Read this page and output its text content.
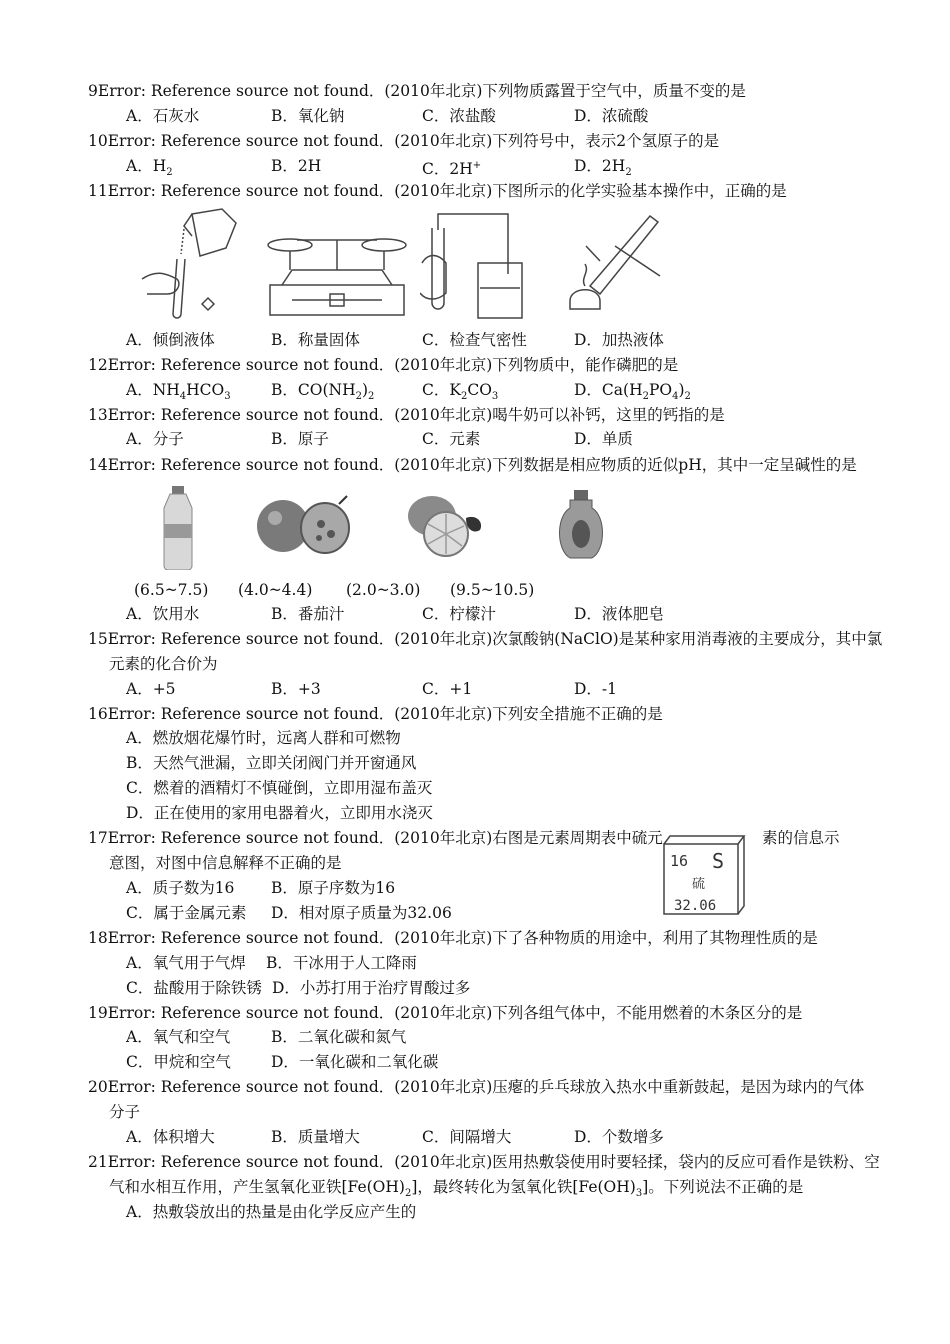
9Error: Reference source not found．(2010年北京)下列物质露置于空气中，质量不变的是
A．石灰水	B．氧化钠	C．浓盐酸	D．浓硫酸
10Error: Reference source not found．(2010年北京)下列符号中，表示2个氢原子的是
A．$H_2$	B．2H	C．2H+	D．$2H_2$
11Error: Reference source not found．(2010年北京)下图所示的化学实验基本操作中，正确的是
A．倾倒液体	B．称量固体	C．检查气密性	D．加热液体
12Error: Reference source not found．(2010年北京)下列物质中，能作磷肥的是
A．$NH_4HCO_3$	B．$CO(NH_2)_2$	C．$K_2CO_3$	D．$Ca(H_2PO_4)_2$
13Error: Reference source not found．(2010年北京)喝牛奶可以补钙，这里的钙指的是
A．分子	B．原子	C．元素	D．单质
14Error: Reference source not found．(2010年北京)下列数据是相应物质的近似pH，其中一定呈碱性的是
(6.5~7.5) (4.0~4.4) (2.0~3.0) (9.5~10.5)
A．饮用水	B．番茄汁	C．柠檬汁	D．液体肥皂
15Error: Reference source not found．(2010年北京)次氯酸钠(NaClO)是某种家用消毒液的主要成分，其中氯
元素的化合价为
A．+5	B．+3	C．+1	D．-1
16Error: Reference source not found．(2010年北京)下列安全措施不正确的是
A．燃放烟花爆竹时，远离人群和可燃物
B．天然气泄漏，立即关闭阀门并开窗通风
C．燃着的酒精灯不慎碰倒，立即用湿布盖灭
D．正在使用的家用电器着火，立即用水浇灭
17Error: Reference source not found．(2010年北京)右图是元素周期表中硫元	素的信息示
意图，对图中信息解释不正确的是
A．质子数为16 B．原子序数为16
C．属于金属元素 D．相对原子质量为32.06
16 S
硫
32.06
18Error: Reference source not found．(2010年北京)下了各种物质的用途中，利用了其物理性质的是
A．氧气用于气焊 B．干冰用于人工降雨
C．盐酸用于除铁锈 D．小苏打用于治疗胃酸过多
19Error: Reference source not found．(2010年北京)下列各组气体中，不能用燃着的木条区分的是
A．氧气和空气	B．二氧化碳和氮气
C．甲烷和空气	D．一氧化碳和二氧化碳
20Error: Reference source not found．(2010年北京)压瘪的乒乓球放入热水中重新鼓起，是因为球内的气体
分子
A．体积增大	B．质量增大	C．间隔增大	D．个数增多
21Error: Reference source not found．(2010年北京)医用热敷袋使用时要轻揉，袋内的反应可看作是铁粉、空
气和水相互作用，产生氢氧化亚铁$[Fe(OH)_2]$，最终转化为氢氧化铁$[Fe(OH)_3]$。下列说法不正确的是
A．热敷袋放出的热量是由化学反应产生的
